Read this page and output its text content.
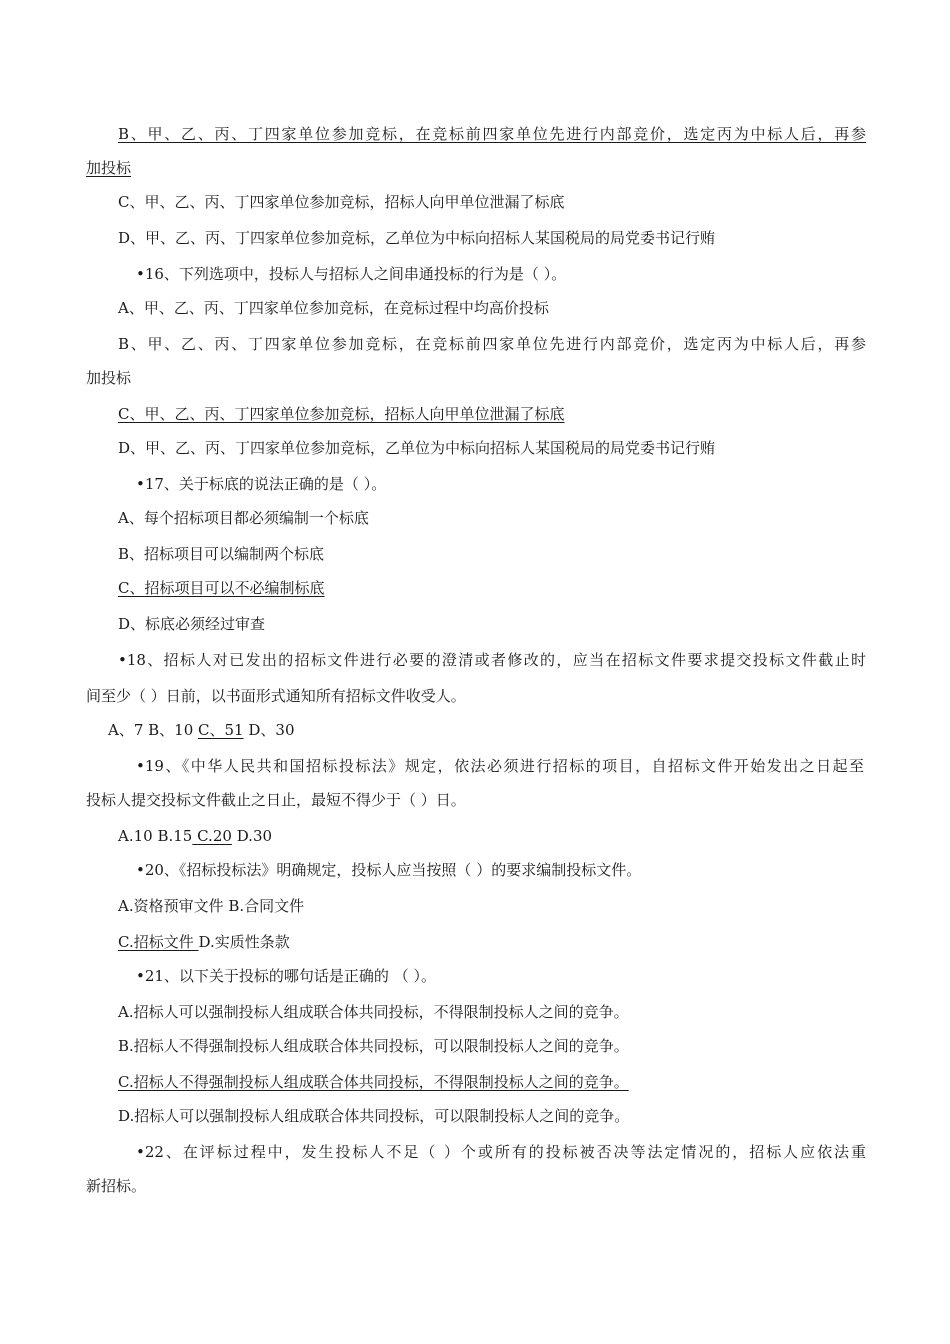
B、甲、乙、丙、丁四家单位参加竞标，在竞标前四家单位先进行内部竞价，选定丙为中标人后，再参
加投标
C、甲、乙、丙、丁四家单位参加竞标，招标人向甲单位泄漏了标底
D、甲、乙、丙、丁四家单位参加竞标，乙单位为中标向招标人某国税局的局党委书记行贿
•16、下列选项中，投标人与招标人之间串通投标的行为是（ ）。
A、甲、乙、丙、丁四家单位参加竞标，在竞标过程中均高价投标
B、甲、乙、丙、丁四家单位参加竞标，在竞标前四家单位先进行内部竞价，选定丙为中标人后，再参
加投标
C、甲、乙、丙、丁四家单位参加竞标，招标人向甲单位泄漏了标底
D、甲、乙、丙、丁四家单位参加竞标，乙单位为中标向招标人某国税局的局党委书记行贿
•17、关于标底的说法正确的是（ ）。
A、每个招标项目都必须编制一个标底
B、招标项目可以编制两个标底
C、招标项目可以不必编制标底
D、标底必须经过审查
•18、招标人对已发出的招标文件进行必要的澄清或者修改的，应当在招标文件要求提交投标文件截止时
间至少（ ）日前，以书面形式通知所有招标文件收受人。
A、7 B、10 C、51 D、30
•19、《中华人民共和国招标投标法》规定，依法必须进行招标的项目，自招标文件开始发出之日起至
投标人提交投标文件截止之日止，最短不得少于（ ）日。
A.10 B.15 C.20 D.30
•20、《招标投标法》明确规定，投标人应当按照（ ）的要求编制投标文件。
A.资格预审文件 B.合同文件
C.招标文件 D.实质性条款
•21、以下关于投标的哪句话是正确的 （ ）。
A.招标人可以强制投标人组成联合体共同投标，不得限制投标人之间的竞争。
B.招标人不得强制投标人组成联合体共同投标，可以限制投标人之间的竞争。
C.招标人不得强制投标人组成联合体共同投标，不得限制投标人之间的竞争。
D.招标人可以强制投标人组成联合体共同投标，可以限制投标人之间的竞争。
•22、在评标过程中，发生投标人不足（ ）个或所有的投标被否决等法定情况的，招标人应依法重
新招标。
